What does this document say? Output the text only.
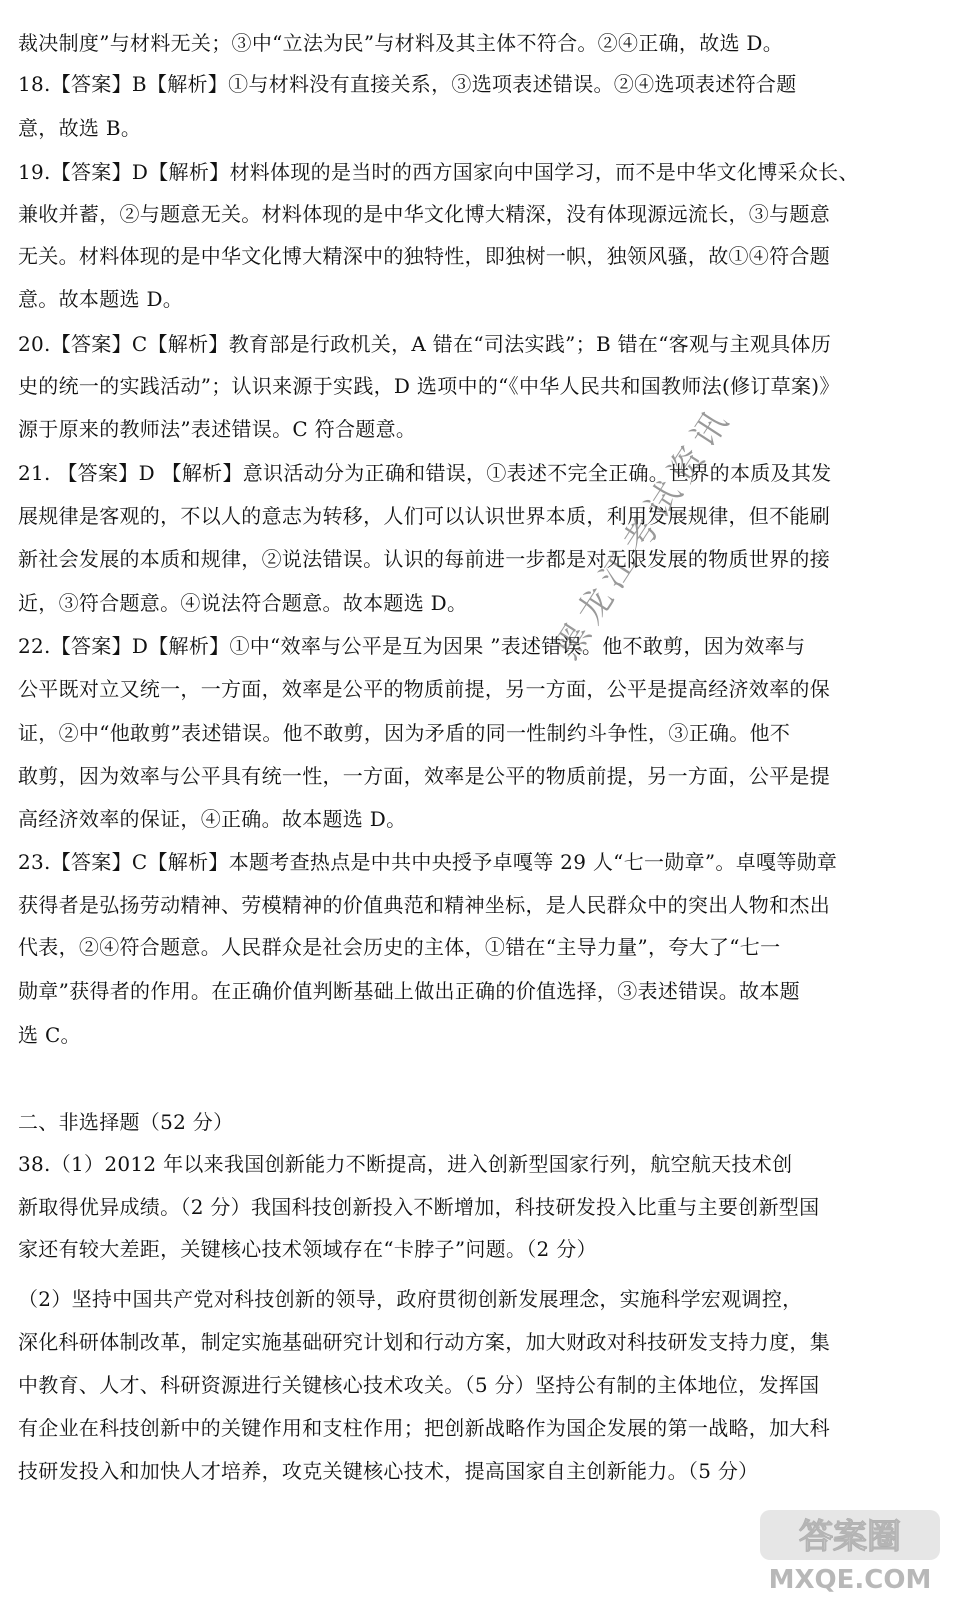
裁决制度”与材料无关；③中“立法为民”与材料及其主体不符合。②④正确，故选 D。
18.【答案】B【解析】①与材料没有直接关系，③选项表述错误。②④选项表述符合题
意，故选 B。
19.【答案】D【解析】材料体现的是当时的西方国家向中国学习，而不是中华文化博采众长、
兼收并蓄，②与题意无关。材料体现的是中华文化博大精深，没有体现源远流长，③与题意
无关。材料体现的是中华文化博大精深中的独特性，即独树一帜，独领风骚，故①④符合题
意。故本题选 D。
20.【答案】C【解析】教育部是行政机关，A 错在“司法实践”；B 错在“客观与主观具体历
史的统一的实践活动”；认识来源于实践，D 选项中的“《中华人民共和国教师法(修订草案)》
源于原来的教师法”表述错误。C 符合题意。
21. 【答案】D 【解析】意识活动分为正确和错误，①表述不完全正确。世界的本质及其发
展规律是客观的，不以人的意志为转移，人们可以认识世界本质，利用发展规律，但不能刷
新社会发展的本质和规律，②说法错误。认识的每前进一步都是对无限发展的物质世界的接
近，③符合题意。④说法符合题意。故本题选 D。
22.【答案】D【解析】①中“效率与公平是互为因果 ”表述错误。他不敢剪，因为效率与
公平既对立又统一，一方面，效率是公平的物质前提，另一方面，公平是提高经济效率的保
证，②中“他敢剪”表述错误。他不敢剪，因为矛盾的同一性制约斗争性，③正确。他不
敢剪，因为效率与公平具有统一性，一方面，效率是公平的物质前提，另一方面，公平是提
高经济效率的保证，④正确。故本题选 D。
23.【答案】C【解析】本题考查热点是中共中央授予卓嘎等 29 人“七一勋章”。卓嘎等勋章
获得者是弘扬劳动精神、劳模精神的价值典范和精神坐标，是人民群众中的突出人物和杰出
代表，②④符合题意。人民群众是社会历史的主体，①错在“主导力量”，夸大了“七一
勋章”获得者的作用。在正确价值判断基础上做出正确的价值选择，③表述错误。故本题
选 C。
二、非选择题（52 分）
38.（1）2012 年以来我国创新能力不断提高，进入创新型国家行列，航空航天技术创
新取得优异成绩。（2 分）我国科技创新投入不断增加，科技研发投入比重与主要创新型国
家还有较大差距，关键核心技术领域存在“卡脖子”问题。（2 分）
（2）坚持中国共产党对科技创新的领导，政府贯彻创新发展理念，实施科学宏观调控，
深化科研体制改革，制定实施基础研究计划和行动方案，加大财政对科技研发支持力度，集
中教育、人才、科研资源进行关键核心技术攻关。（5 分）坚持公有制的主体地位，发挥国
有企业在科技创新中的关键作用和支柱作用；把创新战略作为国企发展的第一战略，加大科
技研发投入和加快人才培养，攻克关键核心技术，提高国家自主创新能力。（5 分）
黑龙江考试资讯
答案圈
MXQE.COM
